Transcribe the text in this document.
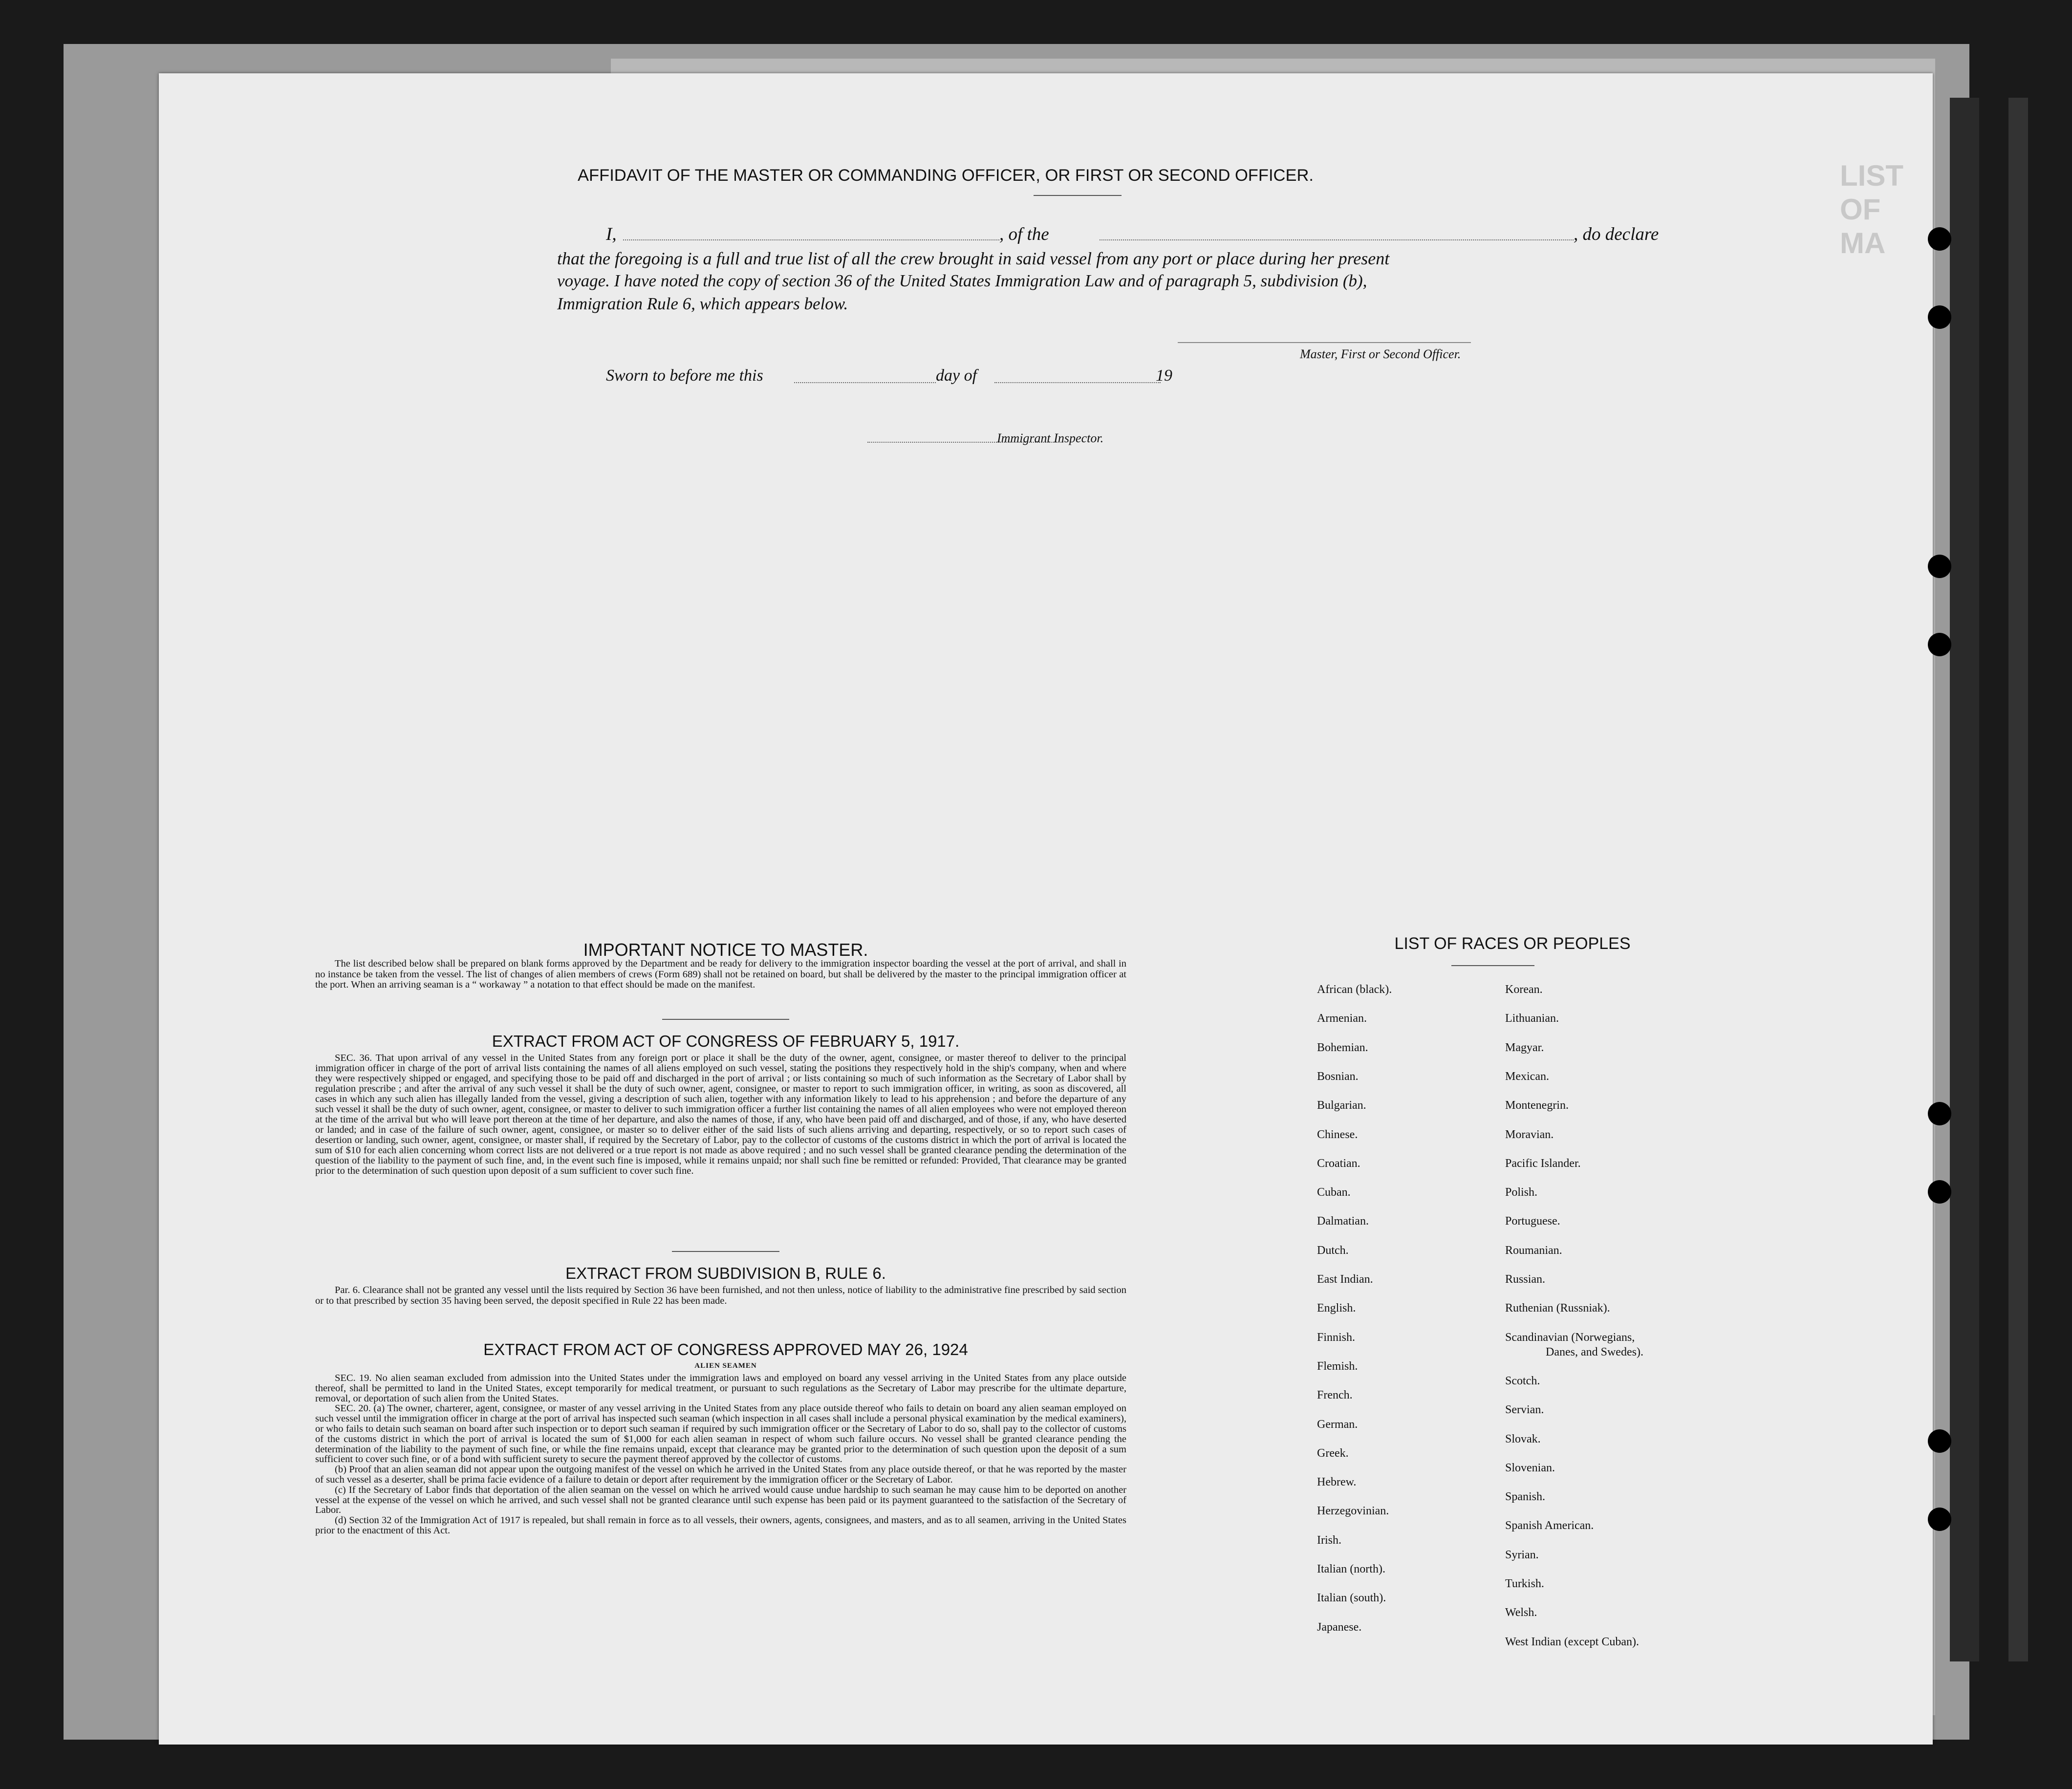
LIST OF MA
AFFIDAVIT OF THE MASTER OR COMMANDING OFFICER, OR FIRST OR SECOND OFFICER.
I,	, of the	, do declare
that the foregoing is a full and true list of all the crew brought in said vessel from any port or place during her present
voyage. I have noted the copy of section 36 of the United States Immigration Law and of paragraph 5, subdivision (b),
Immigration Rule 6, which appears below.
Master, First or Second Officer.
Sworn to before me this	day of	19
Immigrant Inspector.
IMPORTANT NOTICE TO MASTER.

The list described below shall be prepared on blank forms approved by the Department and be ready for delivery to the immigration inspector boarding the vessel at the port of arrival, and shall in no instance be taken from the vessel. The list of changes of alien members of crews (Form 689) shall not be retained on board, but shall be delivered by the master to the principal immigration officer at the port. When an arriving seaman is a “ workaway ” a notation to that effect should be made on the manifest.

EXTRACT FROM ACT OF CONGRESS OF FEBRUARY 5, 1917.

SEC. 36. That upon arrival of any vessel in the United States from any foreign port or place it shall be the duty of the owner, agent, consignee, or master thereof to deliver to the principal immigration officer in charge of the port of arrival lists containing the names of all aliens employed on such vessel, stating the positions they respectively hold in the ship's company, when and where they were respectively shipped or engaged, and specifying those to be paid off and discharged in the port of arrival ; or lists containing so much of such information as the Secretary of Labor shall by regulation prescribe ; and after the arrival of any such vessel it shall be the duty of such owner, agent, consignee, or master to report to such immigration officer, in writing, as soon as discovered, all cases in which any such alien has illegally landed from the vessel, giving a description of such alien, together with any information likely to lead to his apprehension ; and before the departure of any such vessel it shall be the duty of such owner, agent, consignee, or master to deliver to such immigration officer a further list containing the names of all alien employees who were not employed thereon at the time of the arrival but who will leave port thereon at the time of her departure, and also the names of those, if any, who have been paid off and discharged, and of those, if any, who have deserted or landed; and in case of the failure of such owner, agent, consignee, or master so to deliver either of the said lists of such aliens arriving and departing, respectively, or so to report such cases of desertion or landing, such owner, agent, consignee, or master shall, if required by the Secretary of Labor, pay to the collector of customs of the customs district in which the port of arrival is located the sum of $10 for each alien concerning whom correct lists are not delivered or a true report is not made as above required ; and no such vessel shall be granted clearance pending the determination of the question of the liability to the payment of such fine, and, in the event such fine is imposed, while it remains unpaid; nor shall such fine be remitted or refunded: Provided, That clearance may be granted prior to the determination of such question upon deposit of a sum sufficient to cover such fine.

EXTRACT FROM SUBDIVISION B, RULE 6.

Par. 6. Clearance shall not be granted any vessel until the lists required by Section 36 have been furnished, and not then unless, notice of liability to the administrative fine prescribed by said section or to that prescribed by section 35 having been served, the deposit specified in Rule 22 has been made.

EXTRACT FROM ACT OF CONGRESS APPROVED MAY 26, 1924
ALIEN SEAMEN

SEC. 19. No alien seaman excluded from admission into the United States under the immigration laws and employed on board any vessel arriving in the United States from any place outside thereof, shall be permitted to land in the United States, except temporarily for medical treatment, or pursuant to such regulations as the Secretary of Labor may prescribe for the ultimate departure, removal, or deportation of such alien from the United States.

SEC. 20. (a) The owner, charterer, agent, consignee, or master of any vessel arriving in the United States from any place outside thereof who fails to detain on board any alien seaman employed on such vessel until the immigration officer in charge at the port of arrival has inspected such seaman (which inspection in all cases shall include a personal physical examination by the medical examiners), or who fails to detain such seaman on board after such inspection or to deport such seaman if required by such immigration officer or the Secretary of Labor to do so, shall pay to the collector of customs of the customs district in which the port of arrival is located the sum of $1,000 for each alien seaman in respect of whom such failure occurs. No vessel shall be granted clearance pending the determination of the liability to the payment of such fine, or while the fine remains unpaid, except that clearance may be granted prior to the determination of such question upon the deposit of a sum sufficient to cover such fine, or of a bond with sufficient surety to secure the payment thereof approved by the collector of customs.

(b) Proof that an alien seaman did not appear upon the outgoing manifest of the vessel on which he arrived in the United States from any place outside thereof, or that he was reported by the master of such vessel as a deserter, shall be prima facie evidence of a failure to detain or deport after requirement by the immigration officer or the Secretary of Labor.

(c) If the Secretary of Labor finds that deportation of the alien seaman on the vessel on which he arrived would cause undue hardship to such seaman he may cause him to be deported on another vessel at the expense of the vessel on which he arrived, and such vessel shall not be granted clearance until such expense has been paid or its payment guaranteed to the satisfaction of the Secretary of Labor.

(d) Section 32 of the Immigration Act of 1917 is repealed, but shall remain in force as to all vessels, their owners, agents, consignees, and masters, and as to all seamen, arriving in the United States prior to the enactment of this Act.

LIST OF RACES OR PEOPLES
African (black).
Armenian.
Bohemian.
Bosnian.
Bulgarian.
Chinese.
Croatian.
Cuban.
Dalmatian.
Dutch.
East Indian.
English.
Finnish.
Flemish.
French.
German.
Greek.
Hebrew.
Herzegovinian.
Irish.
Italian (north).
Italian (south).
Japanese.
Korean.
Lithuanian.
Magyar.
Mexican.
Montenegrin.
Moravian.
Pacific Islander.
Polish.
Portuguese.
Roumanian.
Russian.
Ruthenian (Russniak).
Scandinavian (Norwegians,
Danes, and Swedes).
Scotch.
Servian.
Slovak.
Slovenian.
Spanish.
Spanish American.
Syrian.
Turkish.
Welsh.
West Indian (except Cuban).
